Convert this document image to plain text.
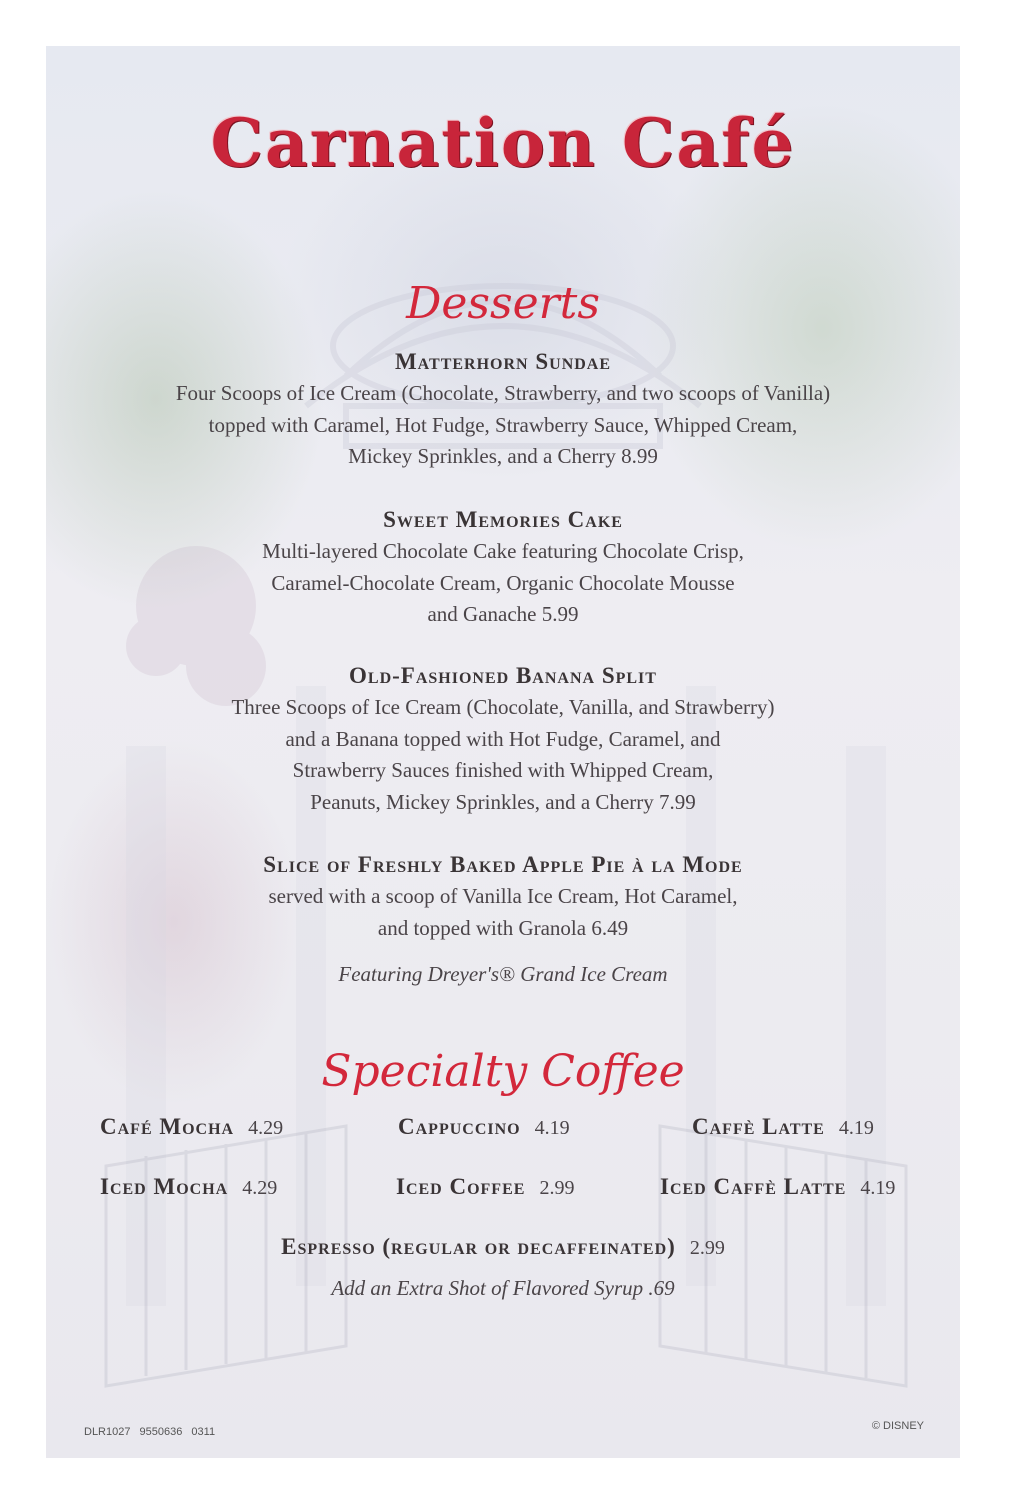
Carnation Café
Desserts
Matterhorn Sundae
Four Scoops of Ice Cream (Chocolate, Strawberry, and two scoops of Vanilla)
topped with Caramel, Hot Fudge, Strawberry Sauce, Whipped Cream,
Mickey Sprinkles, and a Cherry 8.99
Sweet Memories Cake
Multi-layered Chocolate Cake featuring Chocolate Crisp,
Caramel-Chocolate Cream, Organic Chocolate Mousse
and Ganache 5.99
Old-Fashioned Banana Split
Three Scoops of Ice Cream (Chocolate, Vanilla, and Strawberry)
and a Banana topped with Hot Fudge, Caramel, and
Strawberry Sauces finished with Whipped Cream,
Peanuts, Mickey Sprinkles, and a Cherry 7.99
Slice of Freshly Baked Apple Pie à la Mode
served with a scoop of Vanilla Ice Cream, Hot Caramel,
and topped with Granola 6.49
Featuring Dreyer's® Grand Ice Cream
Specialty Coffee
Café Mocha 4.29	Cappuccino 4.19	Caffè Latte 4.19
Iced Mocha 4.29	Iced Coffee 2.99	Iced Caffè Latte 4.19
Espresso (regular or decaffeinated) 2.99
Add an Extra Shot of Flavored Syrup .69
DLR1027 9550636 0311	© DISNEY
